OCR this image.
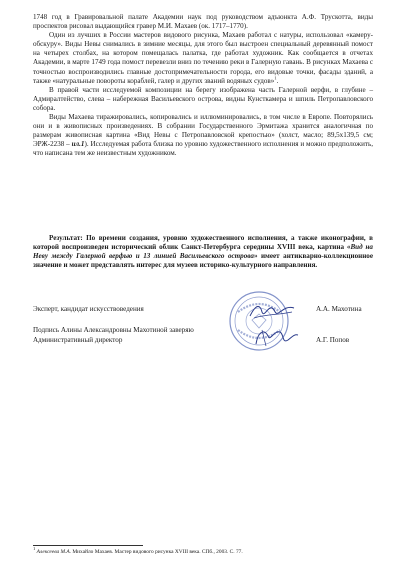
1748 год в Гравировальной палате Академии наук под руководством адъюнкта А.Ф. Трускотта, виды проспектов рисовал выдающийся гравер М.И. Махаев (ок. 1717–1770).

Один из лучших в России мастеров видового рисунка, Махаев работал с натуры, использовал «камеру-обскуру». Виды Невы снимались в зимние месяцы, для этого был выстроен специальный деревянный помост на четырех столбах, на котором помещалась палатка, где работал художник. Как сообщается в отчетах Академии, в марте 1749 года помост перевезли вниз по течению реки в Галерную гавань. В рисунках Махаева с точностью воспроизводились главные достопримечательности города, его видовые точки, фасады зданий, а также «натуральные повороты кораблей, галер и других званий водяных судов»$^1$.

В правой части исследуемой композиции на берегу изображена часть Галерной верфи, в глубине – Адмиралтейство, слева – набережная Васильевского острова, видны Кунсткамера и шпиль Петропавловского собора.

Виды Махаева тиражировались, копировались и иллюминировались, в том числе в Европе. Повторялись они и в живописных произведениях. В собрании Государственного Эрмитажа хранится аналогичная по размерам живописная картина «Вид Невы с Петропавловской крепостью» (холст, масло; 89,5х139,5 см; ЭРЖ-2238 – ил.1). Исследуемая работа близка по уровню художественного исполнения и можно предположить, что написана тем же неизвестным художником.

Результат: По времени создания, уровню художественного исполнения, а также иконографии, в которой воспроизведен исторический облик Санкт-Петербурга середины XVIII века, картина «Вид на Неву между Галерной верфью и 13 линией Васильевского острова» имеет антикварно-коллекционное значение и может представлять интерес для музеев историко-культурного направления.

Эксперт, кандидат искусствоведения	А.А. Махотина
Подпись Алины Александровны Махотиной заверяю
Административный директор	А.Г. Попов
$^1$ Алексеева М.А. Михайло Махаев. Мастер видового рисунка XVIII века. СПб., 2003. С. 77.
